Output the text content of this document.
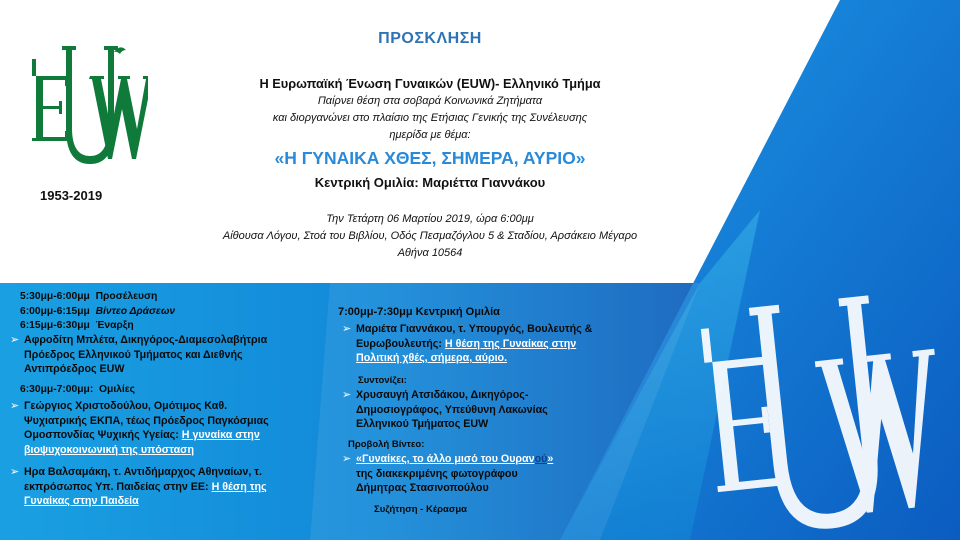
1953-2019
ΠΡΟΣΚΛΗΣΗ
Η Ευρωπαϊκή Ένωση Γυναικών (EUW)- Ελληνικό Τμήμα
Παίρνει θέση στα σοβαρά Κοινωνικά Ζητήματα
και διοργανώνει στο πλαίσιο της Ετήσιας Γενικής της Συνέλευσης
ημερίδα με θέμα:
«Η ΓΥΝΑΙΚΑ ΧΘΕΣ, ΣΗΜΕΡΑ, ΑΥΡΙΟ»
Κεντρική Ομιλία: Μαριέττα Γιαννάκου
Την Τετάρτη 06 Μαρτίου 2019, ώρα 6:00μμ
Αίθουσα Λόγου, Στοά του Βιβλίου, Οδός Πεσμαζόγλου 5 & Σταδίου, Αρσάκειο Μέγαρο
Αθήνα 10564
5:30μμ-6:00μμ Προσέλευση
6:00μμ-6:15μμ Βίντεο Δράσεων
6:15μμ-6:30μμ Έναρξη
➢ Αφροδίτη Μπλέτα, Δικηγόρος-Διαμεσολαβήτρια
Πρόεδρος Ελληνικού Τμήματος και Διεθνής
Αντιπρόεδρος EUW
6:30μμ-7:00μμ: Ομιλίες
➢ Γεώργιος Χριστοδούλου, Ομότιμος Καθ.
Ψυχιατρικής ΕΚΠΑ, τέως Πρόεδρος Παγκόσμιας
Ομοσπονδίας Ψυχικής Υγείας: Η γυναίκα στην
βιοψυχοκοινωνική της υπόσταση
➢ Ηρα Βαλσαμάκη, τ. Αντιδήμαρχος Αθηναίων, τ.
εκπρόσωπος Υπ. Παιδείας στην ΕΕ: Η θέση της
Γυναίκας στην Παιδεία
7:00μμ-7:30μμ Κεντρική Ομιλία
➢ Μαριέτα Γιαννάκου, τ. Υπουργός, Βουλευτής &
Ευρωβουλευτής: Η θέση της Γυναίκας στην
Πολιτική χθές, σήμερα, αύριο.
Συντονίζει:
➢ Χρυσαυγή Ατσιδάκου, Δικηγόρος-
Δημοσιογράφος, Υπεύθυνη Λακωνίας
Ελληνικού Τμήματος EUW
Προβολή Βίντεο:
➢ «Γυναίκες, το άλλο μισό του Ουρανού»
της διακεκριμένης φωτογράφου
Δήμητρας Στασινοπούλου
Συζήτηση - Κέρασμα
